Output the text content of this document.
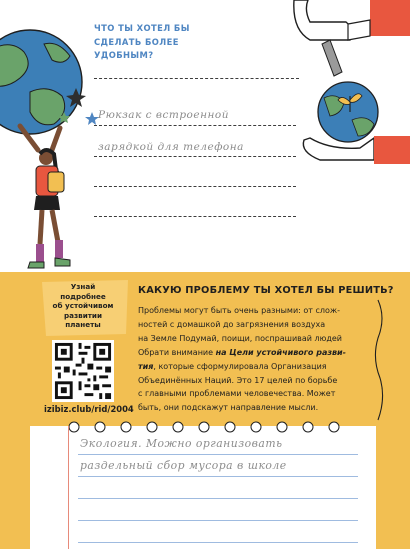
ЧТО ТЫ ХОТЕЛ БЫ
СДЕЛАТЬ БОЛЕЕ
УДОБНЫМ?
Рюкзак с встроенной
зарядкой для телефона
Узнай
подробнее
об устойчивом
развитии
планеты
izibiz.club/rid/2004
КАКУЮ ПРОБЛЕМУ ТЫ ХОТЕЛ БЫ РЕШИТЬ?
Проблемы могут быть очень разными: от слож-
ностей с домашкой до загрязнения воздуха
на Земле Подумай, поищи, поспрашивай людей
Обрати внимание на Цели устойчивого разви-
тия, которые сформулировала Организация
Объединённых Наций. Это 17 целей по борьбе
с главными проблемами человечества. Может
быть, они подскажут направление мысли.
Экология. Можно организовать
раздельный сбор мусора в школе
